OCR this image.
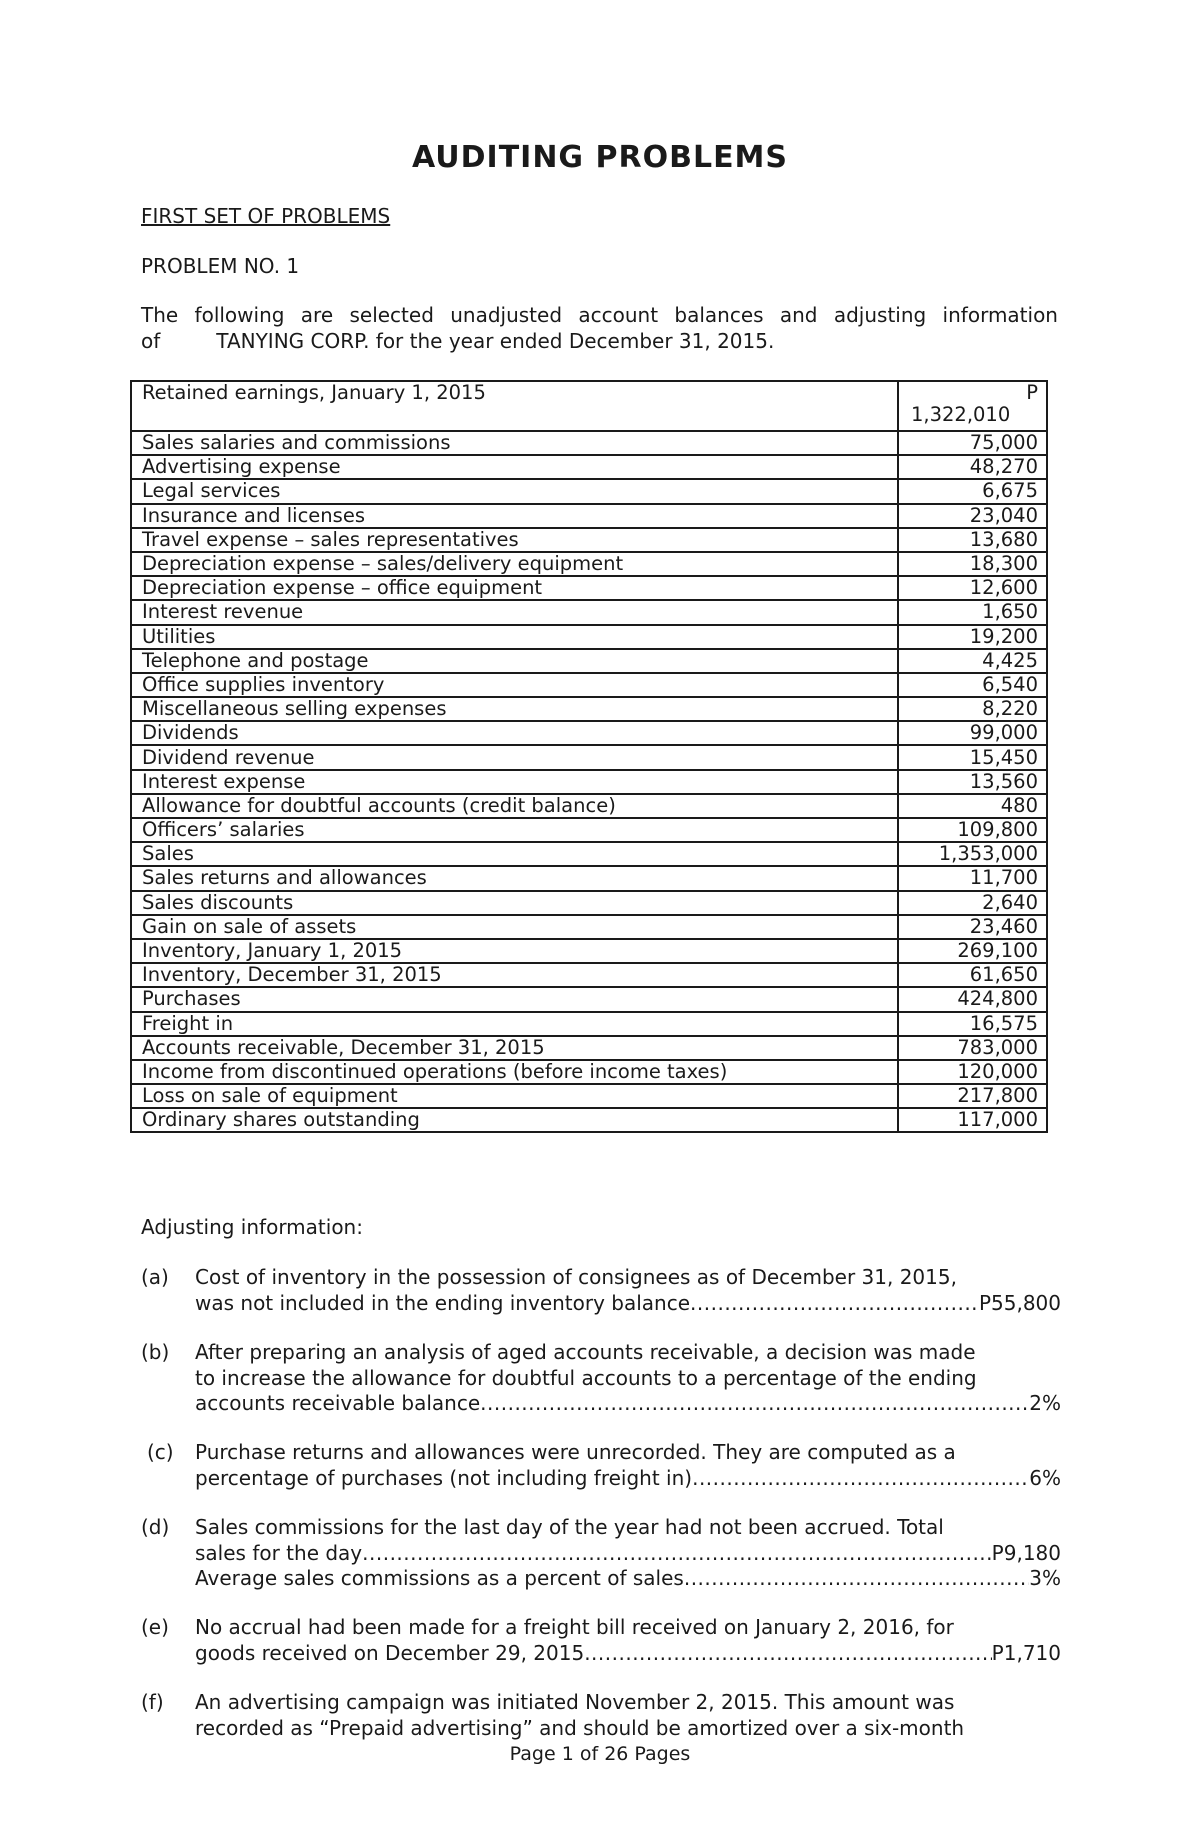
AUDITING PROBLEMS
FIRST SET OF PROBLEMS
PROBLEM NO. 1
The following are selected unadjusted account balances and adjusting information
of	TANYING CORP. for the year ended December 31, 2015.
Retained earnings, January 1, 2015	P
1,322,010

Sales salaries and commissions	75,000
Advertising expense	48,270
Legal services	6,675
Insurance and licenses	23,040
Travel expense – sales representatives	13,680
Depreciation expense – sales/delivery equipment	18,300
Depreciation expense – office equipment	12,600
Interest revenue	1,650
Utilities	19,200
Telephone and postage	4,425
Office supplies inventory	6,540
Miscellaneous selling expenses	8,220
Dividends	99,000
Dividend revenue	15,450
Interest expense	13,560
Allowance for doubtful accounts (credit balance)	480
Officers’ salaries	109,800
Sales	1,353,000
Sales returns and allowances	11,700
Sales discounts	2,640
Gain on sale of assets	23,460
Inventory, January 1, 2015	269,100
Inventory, December 31, 2015	61,650
Purchases	424,800
Freight in	16,575
Accounts receivable, December 31, 2015	783,000
Income from discontinued operations (before income taxes)	120,000
Loss on sale of equipment	217,800
Ordinary shares outstanding	117,000
Adjusting information:
(a) Cost of inventory in the possession of consignees as of December 31, 2015,
was not included in the ending inventory balance .....	P55,800
(b) After preparing an analysis of aged accounts receivable, a decision was made
to increase the allowance for doubtful accounts to a percentage of the ending
accounts receivable balance .....	2%
(c) Purchase returns and allowances were unrecorded. They are computed as a
percentage of purchases (not including freight in) .....	6%
(d) Sales commissions for the last day of the year had not been accrued. Total
sales for the day .....	P9,180
Average sales commissions as a percent of sales .....	3%
(e) No accrual had been made for a freight bill received on January 2, 2016, for
goods received on December 29, 2015 .....	P1,710
(f) An advertising campaign was initiated November 2, 2015. This amount was
recorded as “Prepaid advertising” and should be amortized over a six-month
Page 1 of 26 Pages
